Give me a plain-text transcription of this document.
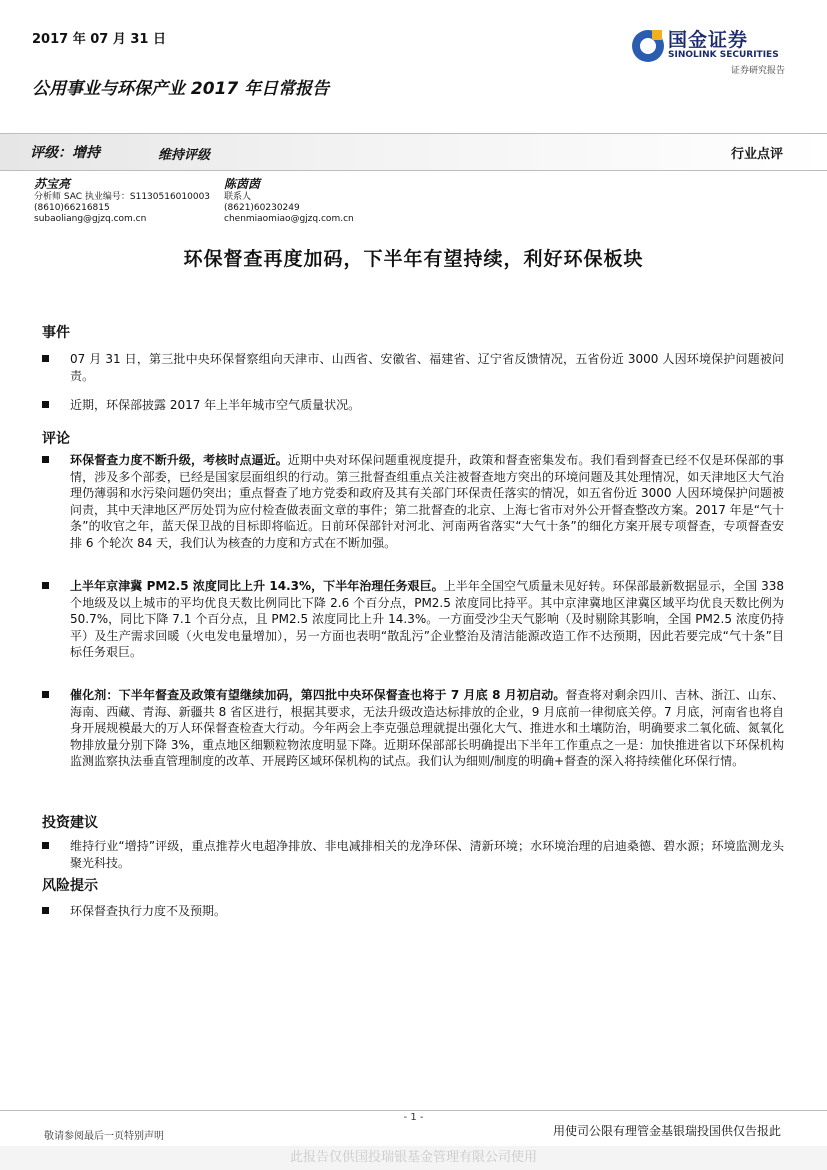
2017 年 07 月 31 日
公用事业与环保产业 2017 年日常报告
国金证券
SINOLINK SECURITIES
证券研究报告
评级：增持	维持评级	行业点评
苏宝亮
分析师 SAC 执业编号：S1130516010003
(8610)66216815
subaoliang@gjzq.com.cn
陈茵茵
联系人
(8621)60230249
chenmiaomiao@gjzq.com.cn
环保督查再度加码，下半年有望持续，利好环保板块
事件
07 月 31 日，第三批中央环保督察组向天津市、山西省、安徽省、福建省、辽宁省反馈情况，五省份近 3000 人因环境保护问题被问责。
近期，环保部披露 2017 年上半年城市空气质量状况。
评论
环保督查力度不断升级，考核时点逼近。近期中央对环保问题重视度提升，政策和督查密集发布。我们看到督查已经不仅是环保部的事情，涉及多个部委，已经是国家层面组织的行动。第三批督查组重点关注被督查地方突出的环境问题及其处理情况，如天津地区大气治理仍薄弱和水污染问题仍突出；重点督查了地方党委和政府及其有关部门环保责任落实的情况，如五省份近 3000 人因环境保护问题被问责，其中天津地区严厉处罚为应付检查做表面文章的事件；第二批督查的北京、上海七省市对外公开督查整改方案。2017 年是“气十条”的收官之年，蓝天保卫战的目标即将临近。日前环保部针对河北、河南两省落实“大气十条”的细化方案开展专项督查，专项督查安排 6 个轮次 84 天，我们认为核查的力度和方式在不断加强。
上半年京津冀 PM2.5 浓度同比上升 14.3%，下半年治理任务艰巨。上半年全国空气质量未见好转。环保部最新数据显示，全国 338 个地级及以上城市的平均优良天数比例同比下降 2.6 个百分点，PM2.5 浓度同比持平。其中京津冀地区津冀区域平均优良天数比例为 50.7%，同比下降 7.1 个百分点，且 PM2.5 浓度同比上升 14.3%。一方面受沙尘天气影响（及时剔除其影响，全国 PM2.5 浓度仍持平）及生产需求回暖（火电发电量增加），另一方面也表明“散乱污”企业整治及清洁能源改造工作不达预期，因此若要完成“气十条”目标任务艰巨。
催化剂：下半年督查及政策有望继续加码，第四批中央环保督查也将于 7 月底 8 月初启动。督查将对剩余四川、吉林、浙江、山东、海南、西藏、青海、新疆共 8 省区进行，根据其要求，无法升级改造达标排放的企业，9 月底前一律彻底关停。7 月底，河南省也将自身开展规模最大的万人环保督查检查大行动。今年两会上李克强总理就提出强化大气、推进水和土壤防治，明确要求二氧化硫、氮氧化物排放量分别下降 3%，重点地区细颗粒物浓度明显下降。近期环保部部长明确提出下半年工作重点之一是：加快推进省以下环保机构监测监察执法垂直管理制度的改革、开展跨区域环保机构的试点。我们认为细则/制度的明确+督查的深入将持续催化环保行情。
投资建议
维持行业“增持”评级，重点推荐火电超净排放、非电减排相关的龙净环保、清新环境；水环境治理的启迪桑德、碧水源；环境监测龙头聚光科技。
风险提示
环保督查执行力度不及预期。
- 1 -
敬请参阅最后一页特别声明	用使司公限有理管金基银瑞投国供仅告报此
此报告仅供国投瑞银基金管理有限公司使用
